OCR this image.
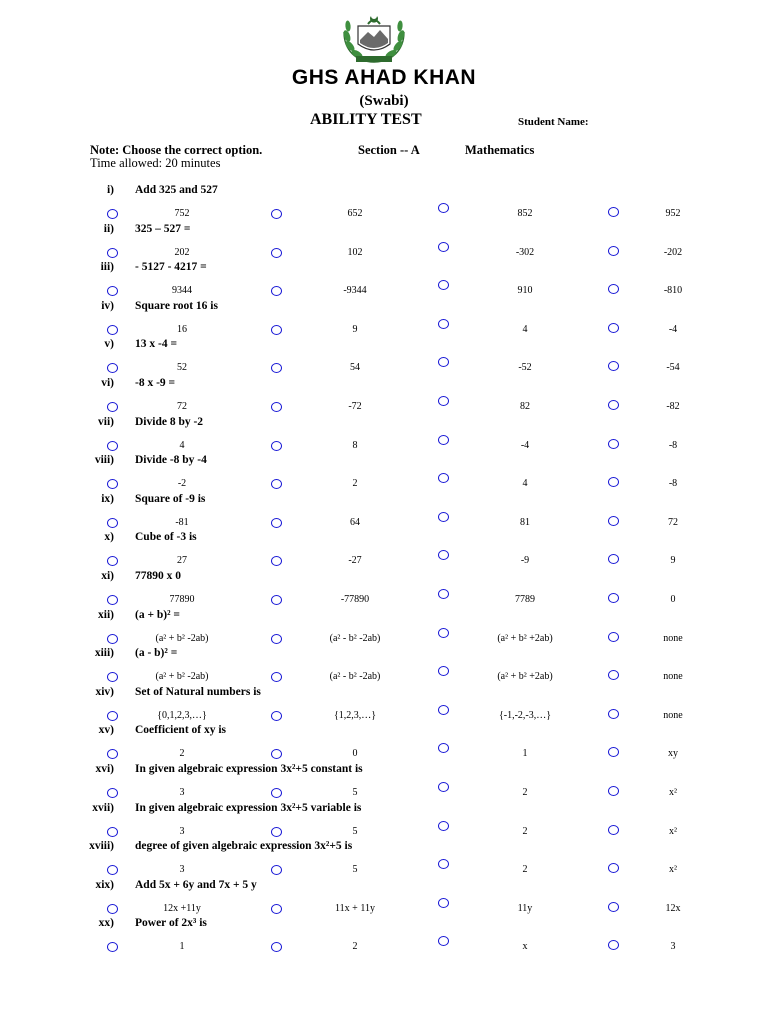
GHS AHAD KHAN
(Swabi)
ABILITY TEST	Student Name:
Note: Choose the correct option.	Section -- A	Mathematics
Time allowed: 20 minutes
i) Add 325 and 527
752	652	852	952
ii) 325 – 527 =
202	102	-302	-202
iii) - 5127 - 4217 =
9344	-9344	910	-810
iv) Square root 16 is
16	9	4	-4
v) 13 x -4 =
52	54	-52	-54
vi) -8 x -9 =
72	-72	82	-82
vii) Divide 8 by -2
4	8	-4	-8
viii) Divide -8 by -4
-2	2	4	-8
ix) Square of -9 is
-81	64	81	72
x) Cube of -3 is
27	-27	-9	9
xi) 77890 x 0
77890	-77890	7789	0
xii) (a + b)² =
(a² + b² -2ab)	(a² - b² -2ab)	(a² + b² +2ab)	none
xiii) (a - b)² =
(a² + b² -2ab)	(a² - b² -2ab)	(a² + b² +2ab)	none
xiv) Set of Natural numbers is
{0,1,2,3,…}	{1,2,3,…}	{-1,-2,-3,…}	none
xv) Coefficient of xy is
2	0	1	xy
xvi) In given algebraic expression 3x²+5 constant is
3	5	2	x²
xvii) In given algebraic expression 3x²+5 variable is
3	5	2	x²
xviii) degree of given algebraic expression 3x²+5 is
3	5	2	x²
xix) Add 5x + 6y and 7x + 5 y
12x +11y	11x + 11y	11y	12x
xx) Power of 2x³ is
1	2	x	3
